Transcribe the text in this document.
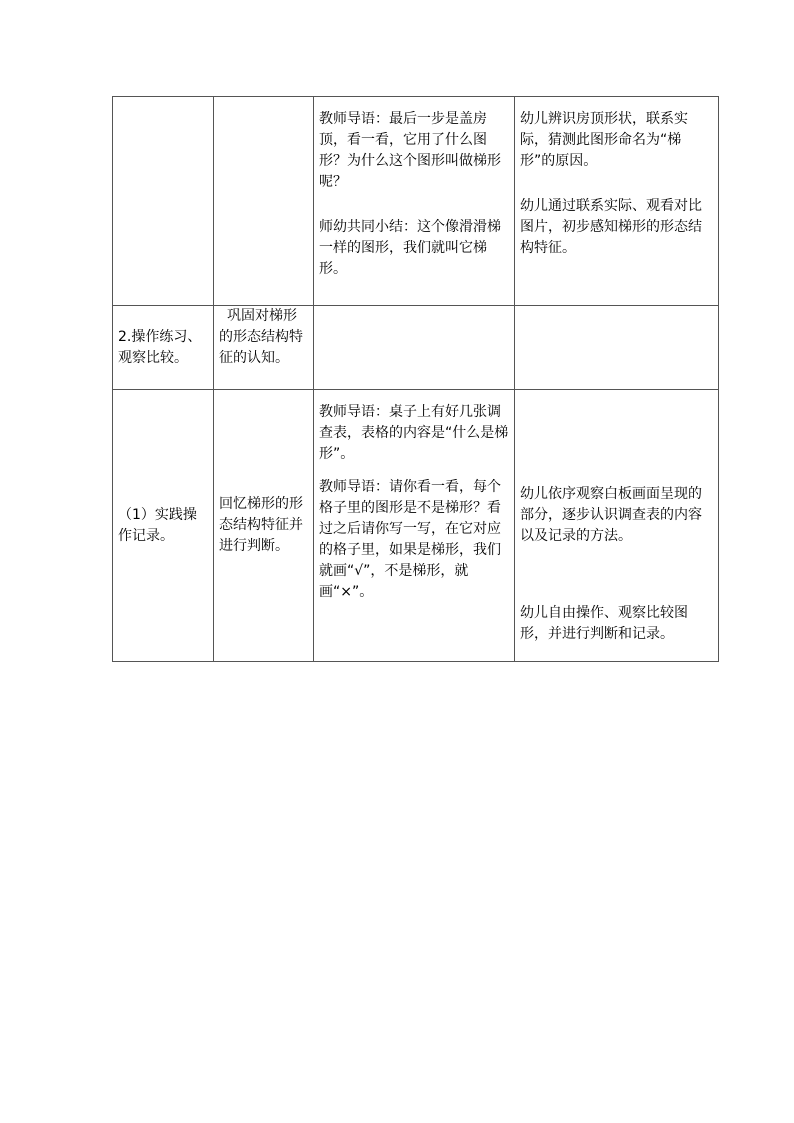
		教师导语：最后一步是盖房顶，看一看，它用了什么图形？为什么这个图形叫做梯形呢？
师幼共同小结：这个像滑滑梯一样的图形，我们就叫它梯形。	幼儿辨识房顶形状，联系实际，猜测此图形命名为“梯形”的原因。
幼儿通过联系实际、观看对比图片，初步感知梯形的形态结构特征。

2.操作练习、观察比较。	巩固对梯形的形态结构特征的认知。		

（1）实践操作记录。	回忆梯形的形态结构特征并进行判断。	教师导语：桌子上有好几张调查表，表格的内容是“什么是梯形”。
教师导语：请你看一看，每个格子里的图形是不是梯形？看过之后请你写一写，在它对应的格子里，如果是梯形，我们就画“√”，不是梯形，就画“×”。	幼儿依序观察白板画面呈现的部分，逐步认识调查表的内容以及记录的方法。
幼儿自由操作、观察比较图形，并进行判断和记录。
